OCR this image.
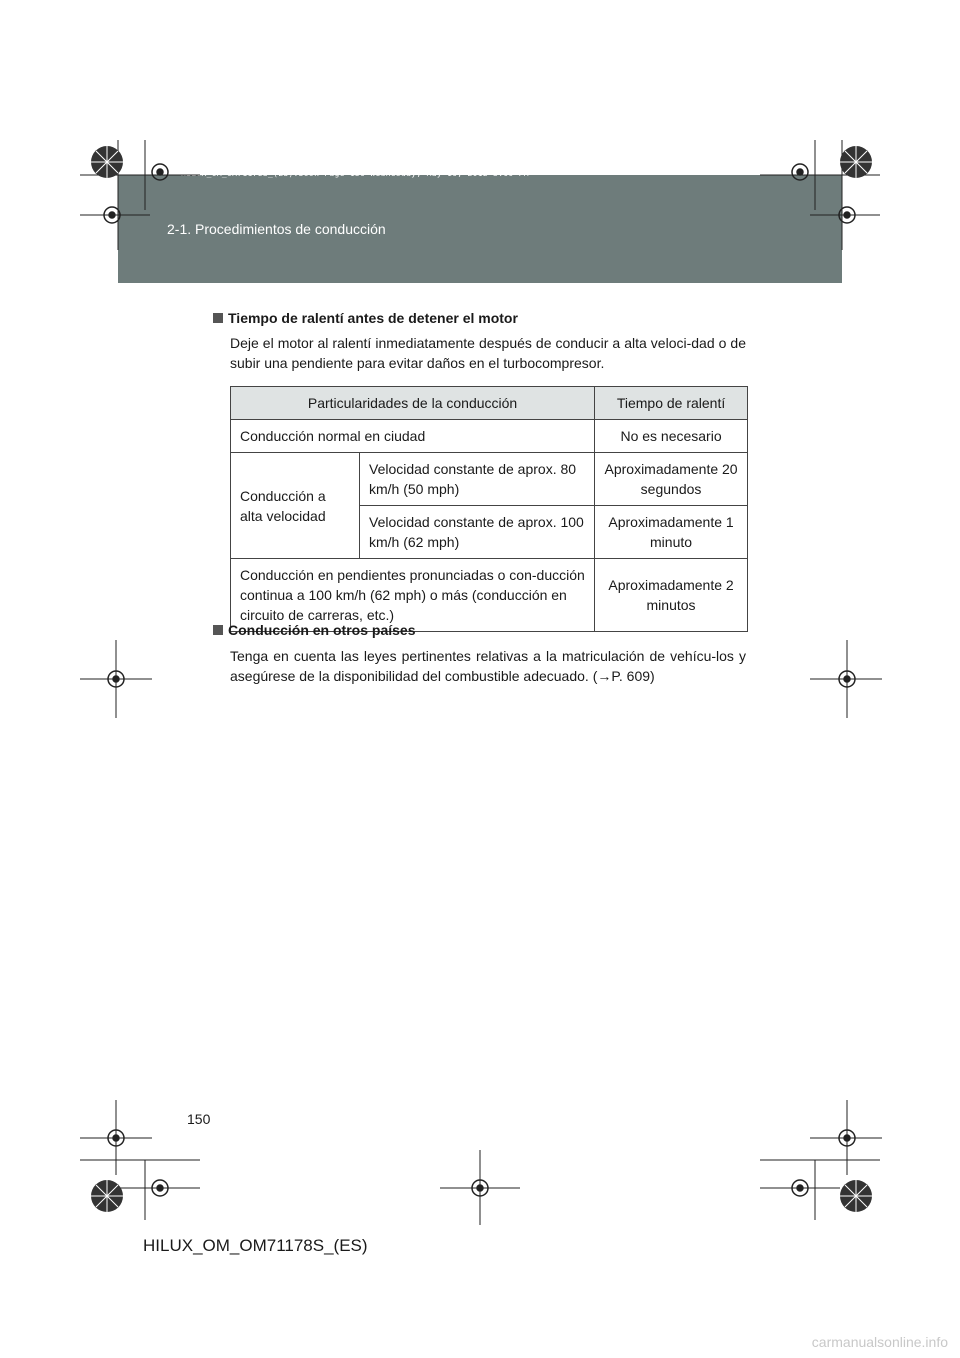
HILUX_OM_OM71178S_(ES).book Page 150 Wednesday, May 16, 2012 3:09 PM
2-1. Procedimientos de conducción
Tiempo de ralentí antes de detener el motor
Deje el motor al ralentí inmediatamente después de conducir a alta veloci-dad o de subir una pendiente para evitar daños en el turbocompresor.
Particularidades de la conducción		Tiempo de ralentí
Conducción normal en ciudad		No es necesario
Conducción a alta velocidad	Velocidad constante de aprox. 80 km/h (50 mph)	Aproximadamente 20 segundos
	Velocidad constante de aprox. 100 km/h (62 mph)	Aproximadamente 1 minuto
Conducción en pendientes pronunciadas o con-ducción continua a 100 km/h (62 mph) o más (conducción en circuito de carreras, etc.)		Aproximadamente 2 minutos
Conducción en otros países
Tenga en cuenta las leyes pertinentes relativas a la matriculación de vehícu-los y asegúrese de la disponibilidad del combustible adecuado. (→P. 609)
150
HILUX_OM_OM71178S_(ES)
carmanualsonline.info
